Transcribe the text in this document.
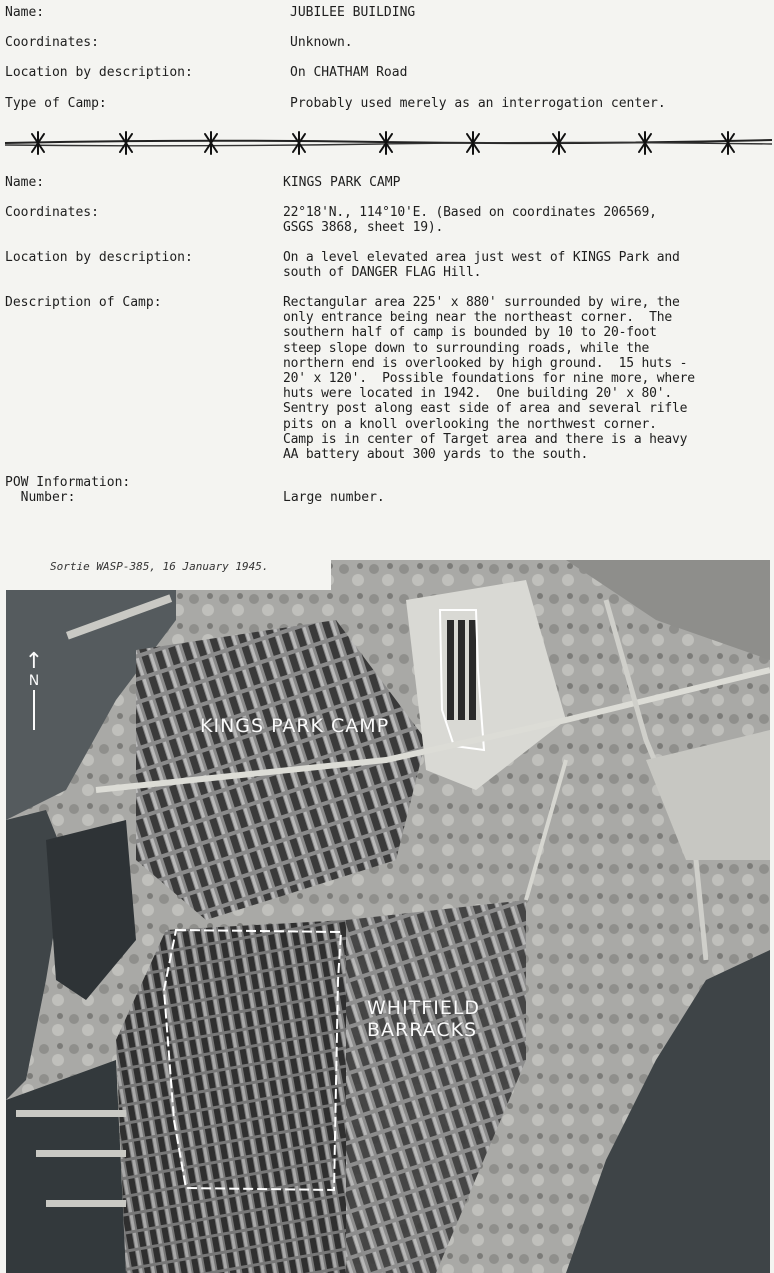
Name:	JUBILEE BUILDING
Coordinates:	Unknown.
Location by description:	On CHATHAM Road
Type of Camp:	Probably used merely as an interrogation center.
Name:	KINGS PARK CAMP
Coordinates:	22°18'N., 114°10'E. (Based on coordinates 206569,
GSGS 3868, sheet 19).
Location by description:	On a level elevated area just west of KINGS Park and
south of DANGER FLAG Hill.
Description of Camp:	Rectangular area 225' x 880' surrounded by wire, the
only entrance being near the northeast corner.  The
southern half of camp is bounded by 10 to 20-foot
steep slope down to surrounding roads, while the
northern end is overlooked by high ground.  15 huts -
20' x 120'.  Possible foundations for nine more, where
huts were located in 1942.  One building 20' x 80'.
Sentry post along east side of area and several rifle
pits on a knoll overlooking the northwest corner.
Camp is in center of Target area and there is a heavy
AA battery about 300 yards to the south.
POW Information:
Number:	Large number.
Sortie WASP-385, 16 January 1945.
KINGS PARK CAMP
WHITFIELD
BARRACKS
↑
N
